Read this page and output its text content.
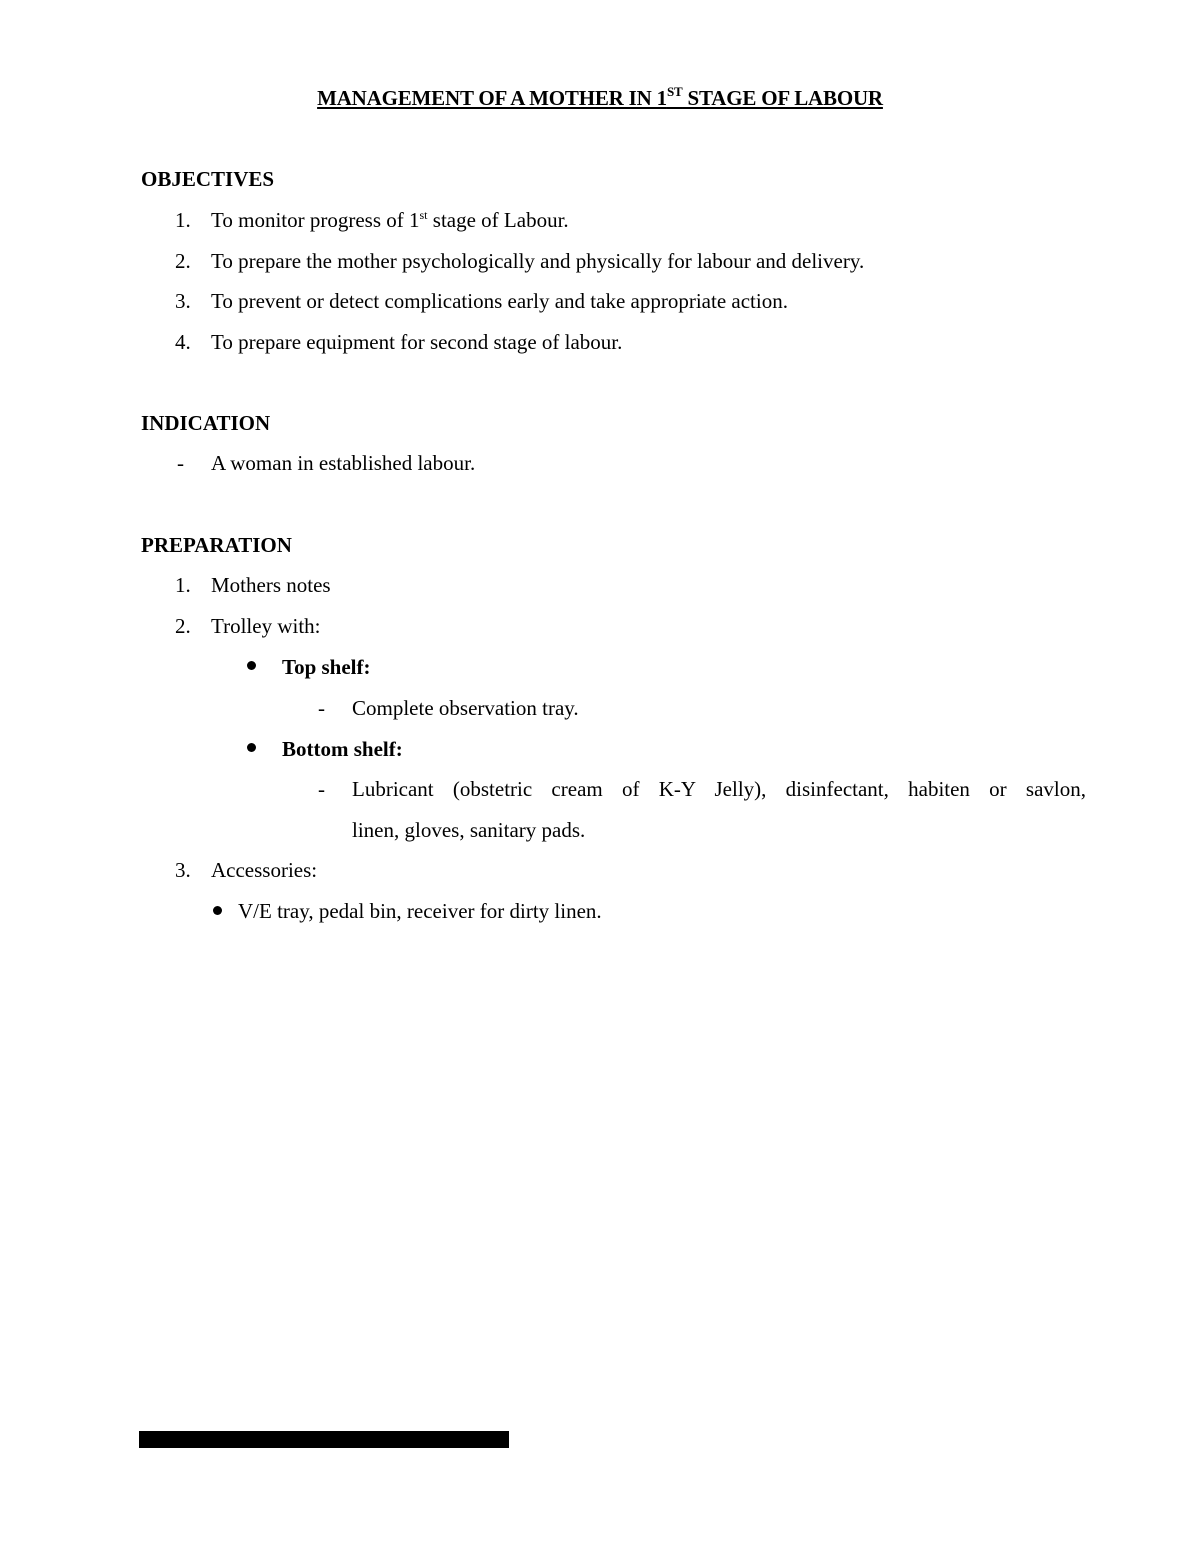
MANAGEMENT OF A MOTHER IN 1ST STAGE OF LABOUR
OBJECTIVES
1. To monitor progress of 1st stage of Labour.
2. To prepare the mother psychologically and physically for labour and delivery.
3. To prevent or detect complications early and take appropriate action.
4. To prepare equipment for second stage of labour.
INDICATION
- A woman in established labour.
PREPARATION
1. Mothers notes
2. Trolley with:
Top shelf:
- Complete observation tray.
Bottom shelf:
- Lubricant (obstetric cream of K-Y Jelly), disinfectant, habiten or savlon,
linen, gloves, sanitary pads.
3. Accessories:
V/E tray, pedal bin, receiver for dirty linen.
